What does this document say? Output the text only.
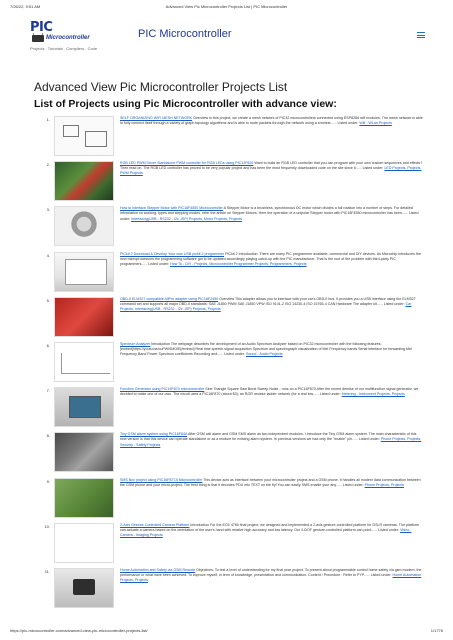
7/26/22, 9:51 AM	Advanced View Pic Microcontroller Projects List | PIC Microcontroller
PIC
Microcontroller
Projects . Tutorials . Compilers . Code
PIC Microcontroller
Advanced View Pic Microcontroller Projects List
List of Projects using Pic Microcontroller with advance view:
1.	SELF ORGANIZING WIFI MESH NETWORK Overview In this project, we create a mesh network of PIC32 microcontrollers connected using ESP8266 wifi modules. The mesh network is able to fully connect itself through a variety of graph topology algorithms and is able to route packets through the network using a shortest...... Listed under: Wifi - WLan Projects

2.	RGB LED PWM Driver Standalone PWM controller for RGB LEDs using PIC12F629 Want to build an RGB LED controller that you can program with your own custom sequences and effects? Then read on. The RGB LED controller has proved to be very popular project and has been the most frequently downloaded code on the site since it...... Listed under: LED Projects, Projects, PWM Projects

3.	How to interface Stepper Motor with PIC18F4550 Microcontroller A Stepper Motor is a brushless, synchronous DC motor which divides a full rotation into a number of steps. For detailed information on working, types and stepping modes, refer the article on Stepper Motors. Here the operation of a unipolar Stepper motor with PIC18F4550 microcontroller has been...... Listed under: Interfacing(USB - RS232 - I2c -ISP) Projects, Motor Projects, Projects

4.	PICkit 2 Download & Develop Your own USB pickit 2 programmer PICkit 2 Introduction: There are many PIC programmer available; commercial and DIY devices. As Microchip introduces the new microprocessors the programming software got to be updated accordingly playing catch-up with the PIC manufacturer. That is the root of the problem with third-party PIC programmers...... Listed under: How To - DIY - Projects, Microcontroller Programmer Projects, Programmers, Projects

5.	OBD-II ELM327 compatible AllPro adapter using PIC18F2450 Overview This adapter allows you to interface with your car's OBD-II bus. It provides you a USB interface using the ELM327 command set and supports all major OBD-II standards: SAE J1850 PWM SAE J1850 VPW ISO 9141-2 ISO 14230-4 ISO 15765-4 CAN Hardware The adapter kit...... Listed under: Car Projects, Interfacing(USB - RS232 - I2c -ISP) Projects, Projects

6.	Spectrum Analyzer Introduction The webpage describes the development of an Audio Spectrum Analyzer based on PIC32 microcontroller with the following features: [embed]https://youtu.be/cuPWlSMOIE[/embed] Real time speech signal acquisition Spectrum and spectrograph visualization of Mel Frequency bands Serial interface for forwarding Mel Frequency Band Power Spectrum coefficients Recording and...... Listed under: Sound - Audio Projects

7.	Function Generator using PIC16F870 microcontroller Sine Triangle Square Saw Burst Sweep Noise - runs on a PIC16F870 After the recent demise of our multifunction signal generator, we decided to make one of our own. The circuit uses a PIC16F870 (about $3), an R/2R resistor ladder network (for a real low...... Listed under: Metering - Instrument Projects, Projects

8.	Tiny GSM alarm system using PIC16F84A After GSM call alarm and GSM SMS alarm as two independent modules, I introduce the Tiny GSM alarm system. The main characteristic of this new version is that this device can operate standalone or as a module for existing alarm system. In previous versions we had only the "enable" pin...... Listed under: Phone Projects, Projects, Security - Safety Projects

9.	SMS Box project using PIC16F877A Microcontroller This device acts as interface between your microcontroller project and a GSM phone. It handles all modem data communication between the GSM phone and your micro-project. The best thing is that it decodes PDU into TEXT on the fly! You can easily SMS-enable your any...... Listed under: Phone Projects, Projects

10.	2-Axis Gesture Controlled Camera Platform Introduction For the ECE 4760 final project, we designed and implemented a 2-axis gesture-controlled platform for DSLR cameras. The platform can actuate a camera based on the orientation of the user's hand with relative high accuracy and low latency. Our 2-DOF gesture-controlled platform can point...... Listed under: Video - Camera - Imaging Projects

11.	Home Automation and Safety via GSM Remote Objectives: To test a level of understanding for my final year project. To present about programmable control home safety via gsm modem; the performance or what have been achieved. To improve myself, in term of knowledge, presentation and communication. Content / Procedure : Refer to PYP...... Listed under: Home Automation Projects, Projects

https://pic-microcontroller.com/advanced-view-pic-microcontroller-projects-list/	1/1776
